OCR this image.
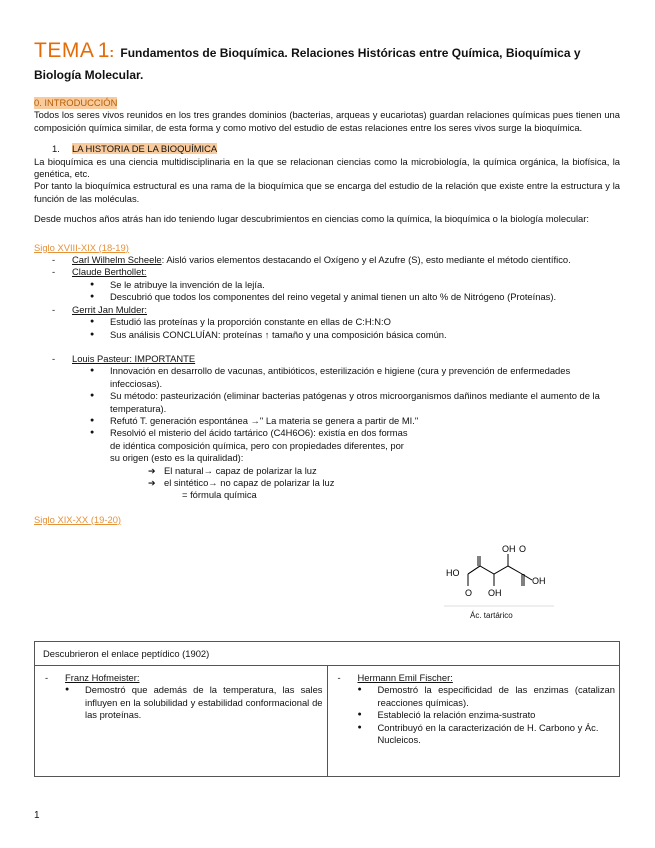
TEMA 1: Fundamentos de Bioquímica. Relaciones Históricas entre Química, Bioquímica y Biología Molecular.
0. INTRODUCCIÓN

Todos los seres vivos reunidos en los tres grandes dominios (bacterias, arqueas y eucariotas) guardan relaciones químicas pues tienen una composición química similar, de esta forma y como motivo del estudio de estas relaciones entre los seres vivos surge la bioquímica.

1. LA HISTORIA DE LA BIOQUÍMICA

La bioquímica es una ciencia multidisciplinaria en la que se relacionan ciencias como la microbiología, la química orgánica, la biofísica, la genética, etc.

Por tanto la bioquímica estructural es una rama de la bioquímica que se encarga del estudio de la relación que existe entre la estructura y la función de las moléculas.

Desde muchos años atrás han ido teniendo lugar descubrimientos en ciencias como la química, la bioquímica o la biología molecular:

Siglo XVIII-XIX (18-19)
- Carl Wilhelm Scheele: Aisló varios elementos destacando el Oxígeno y el Azufre (S), esto mediante el método científico.
- Claude Berthollet:
● Se le atribuye la invención de la lejía.
● Descubrió que todos los componentes del reino vegetal y animal tienen un alto % de Nitrógeno (Proteínas).
- Gerrit Jan Mulder:
● Estudió las proteínas y la proporción constante en ellas de C:H:N:O
● Sus análisis CONCLUÍAN: proteínas ↑ tamaño y una composición básica común.
- Louis Pasteur: IMPORTANTE
● Innovación en desarrollo de vacunas, antibióticos, esterilización e higiene (cura y prevención de enfermedades infecciosas).
● Su método: pasteurización (eliminar bacterias patógenas y otros microorganismos dañinos mediante el aumento de la temperatura).
● Refutó T. generación espontánea →" La materia se genera a partir de MI."
● Resolvió el misterio del ácido tartárico (C4H6O6): existía en dos formas de idéntica composición química, pero con propiedades diferentes, por su origen (esto es la quiralidad):
➔ El natural→ capaz de polarizar la luz
➔ el sintético→ no capaz de polarizar la luz
= fórmula química
Siglo XIX-XX (19-20)
OH
HO
OH
O OH
O
Ác. tartárico
Descubrieron el enlace peptídico (1902)
- Franz Hofmeister:
● Demostró que además de la temperatura, las sales influyen en la solubilidad y estabilidad conformacional de las proteínas.
- Hermann Emil Fischer:
● Demostró la especificidad de las enzimas (catalizan reacciones químicas).
● Estableció la relación enzima-sustrato
● Contribuyó en la caracterización de H. Carbono y Ác. Nucleicos.
1
